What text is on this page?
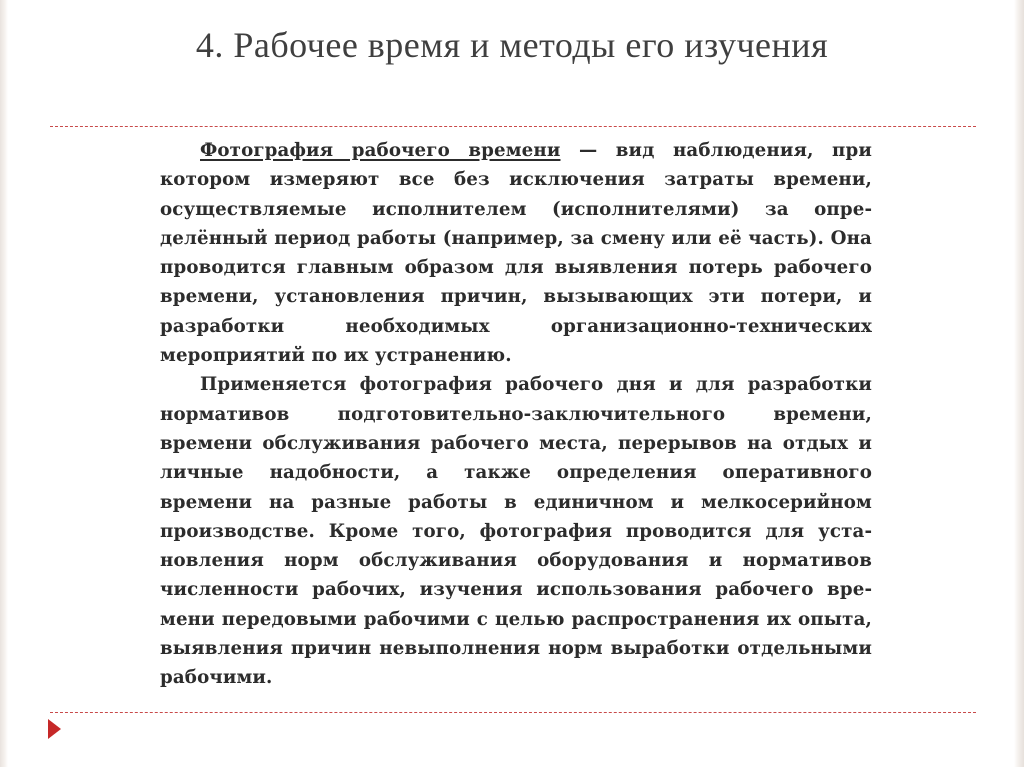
4. Рабочее время и методы его изучения

Фотография рабочего времени — вид наблюдения, при котором измеряют все без исключения затраты времени, осуществляемые исполнителем (исполнителями) за определённый период работы (например, за смену или её часть). Она проводится главным образом для выявления потерь рабочего времени, установления причин, вызывающих эти потери, и разработки необходимых организационно-технических мероприятий по их устранению.

Применяется фотография рабочего дня и для разработки нормативов подготовительно-заключительного времени, времени обслуживания рабочего места, перерывов на отдых и личные надобности, а также определения оперативного времени на разные работы в единичном и мелкосерийном производстве. Кроме того, фотография проводится для установления норм обслуживания оборудования и нормативов численности рабочих, изучения использования рабочего времени передовыми рабочими с целью распространения их опыта, выявления причин невыполнения норм выработки отдельными рабочими.
